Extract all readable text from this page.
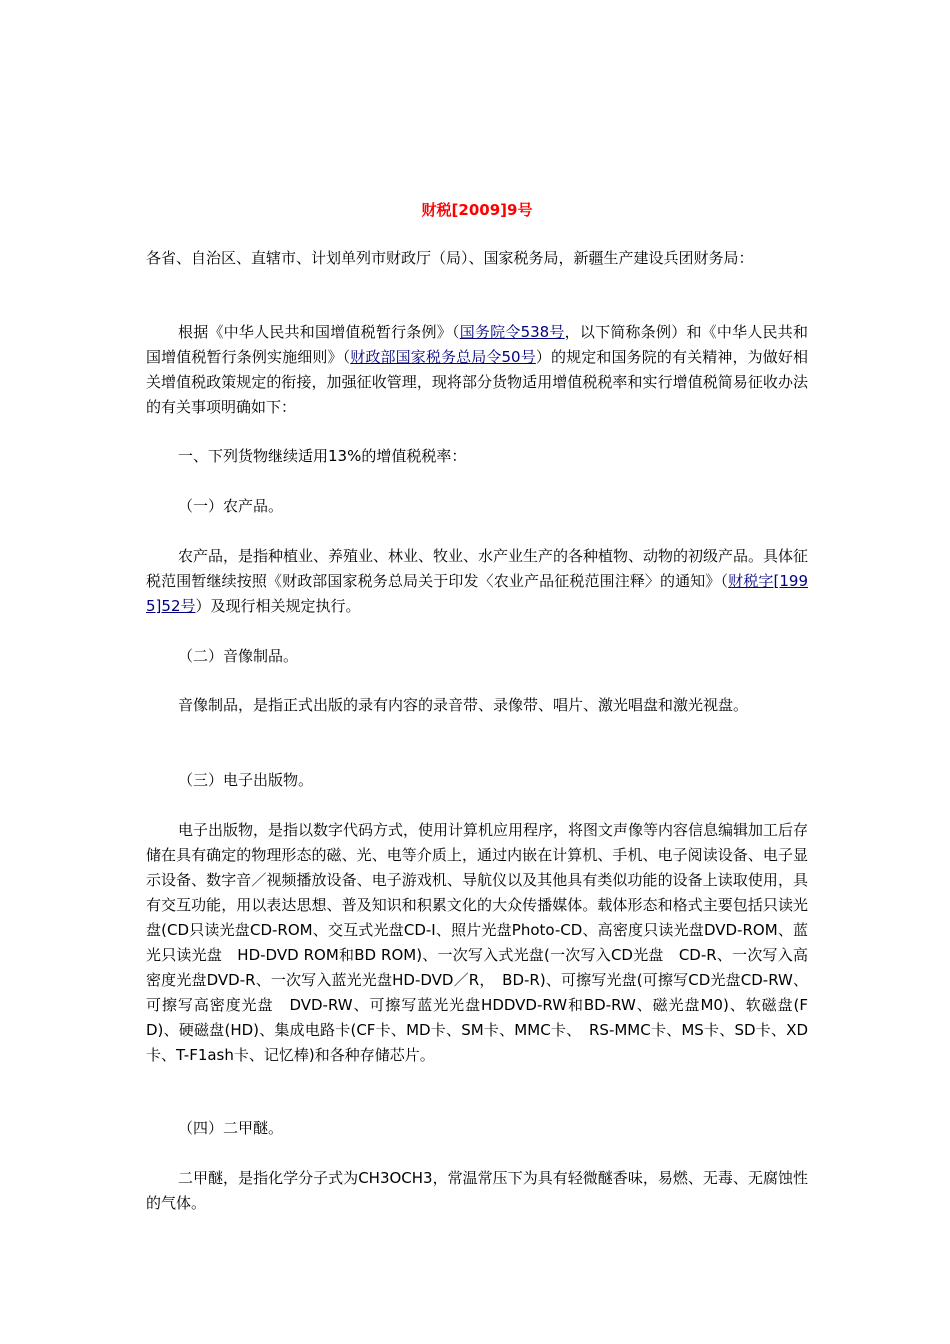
财税[2009]9号

各省、自治区、直辖市、计划单列市财政厅（局）、国家税务局，新疆生产建设兵团财务局：

根据《中华人民共和国增值税暂行条例》（国务院令538号，以下简称条例）和《中华人民共和国增值税暂行条例实施细则》（财政部国家税务总局令50号）的规定和国务院的有关精神，为做好相关增值税政策规定的衔接，加强征收管理，现将部分货物适用增值税税率和实行增值税简易征收办法的有关事项明确如下：

一、下列货物继续适用13%的增值税税率：

（一）农产品。

农产品，是指种植业、养殖业、林业、牧业、水产业生产的各种植物、动物的初级产品。具体征税范围暂继续按照《财政部国家税务总局关于印发〈农业产品征税范围注释〉的通知》（财税字[1995]52号）及现行相关规定执行。

（二）音像制品。

音像制品，是指正式出版的录有内容的录音带、录像带、唱片、激光唱盘和激光视盘。

（三）电子出版物。

电子出版物，是指以数字代码方式，使用计算机应用程序，将图文声像等内容信息编辑加工后存储在具有确定的物理形态的磁、光、电等介质上，通过内嵌在计算机、手机、电子阅读设备、电子显示设备、数字音／视频播放设备、电子游戏机、导航仪以及其他具有类似功能的设备上读取使用，具有交互功能，用以表达思想、普及知识和积累文化的大众传播媒体。载体形态和格式主要包括只读光盘(CD只读光盘CD-ROM、交互式光盘CD-I、照片光盘Photo-CD、高密度只读光盘DVD-ROM、蓝光只读光盘　HD-DVD ROM和BD ROM)、一次写入式光盘(一次写入CD光盘　CD-R、一次写入高密度光盘DVD-R、一次写入蓝光光盘HD-DVD／R，　BD-R)、可擦写光盘(可擦写CD光盘CD-RW、可擦写高密度光盘　DVD-RW、可擦写蓝光光盘HDDVD-RW和BD-RW、磁光盘M0)、软磁盘(FD)、硬磁盘(HD)、集成电路卡(CF卡、MD卡、SM卡、MMC卡、　RS-MMC卡、MS卡、SD卡、XD卡、T-F1ash卡、记忆棒)和各种存储芯片。

（四）二甲醚。

二甲醚，是指化学分子式为CH3OCH3，常温常压下为具有轻微醚香味，易燃、无毒、无腐蚀性的气体。
